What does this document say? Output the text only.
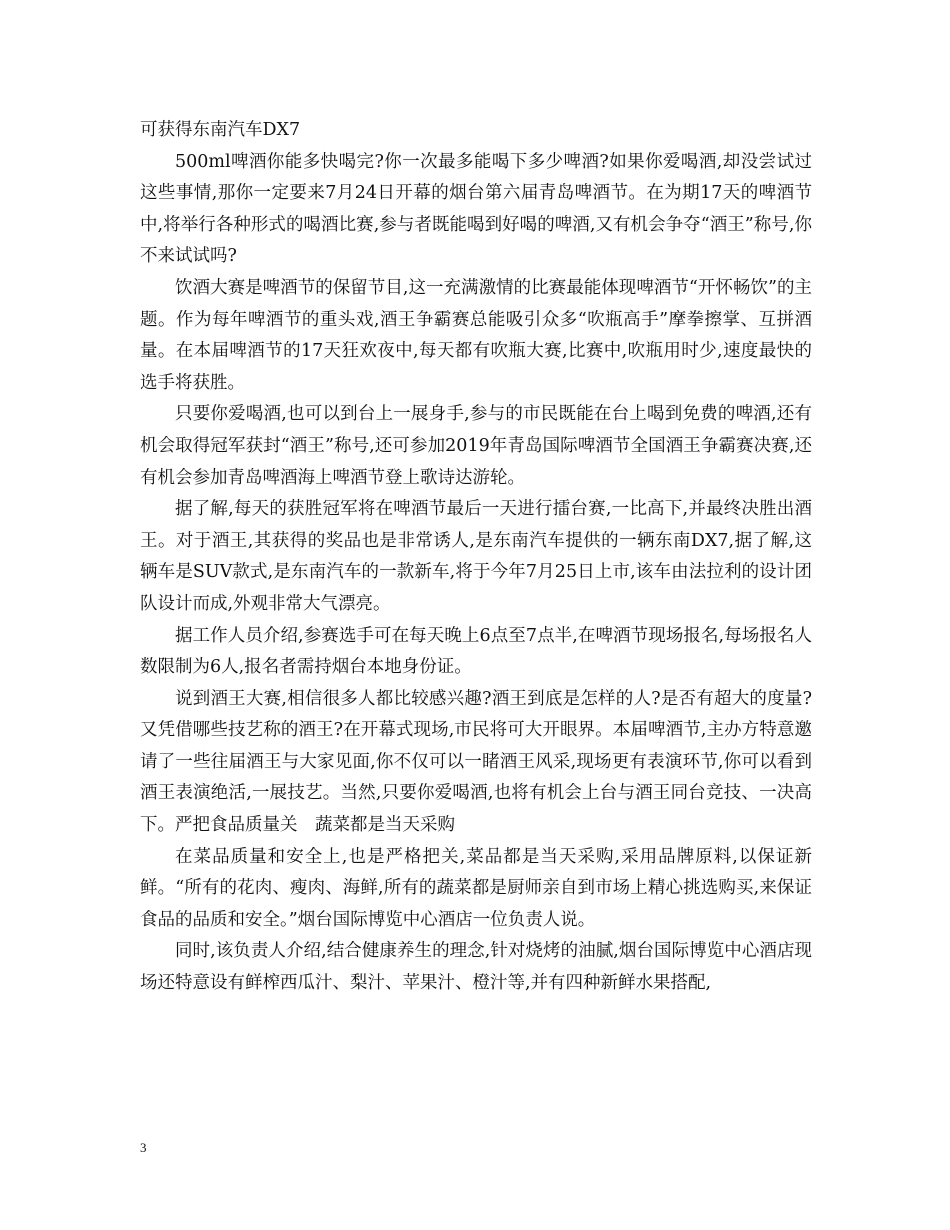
可获得东南汽车DX7

500ml啤酒你能多快喝完?你一次最多能喝下多少啤酒?如果你爱喝酒,却没尝试过这些事情,那你一定要来7月24日开幕的烟台第六届青岛啤酒节。在为期17天的啤酒节中,将举行各种形式的喝酒比赛,参与者既能喝到好喝的啤酒,又有机会争夺“酒王”称号,你不来试试吗?

饮酒大赛是啤酒节的保留节目,这一充满激情的比赛最能体现啤酒节“开怀畅饮”的主题。作为每年啤酒节的重头戏,酒王争霸赛总能吸引众多“吹瓶高手”摩拳擦掌、互拼酒量。在本届啤酒节的17天狂欢夜中,每天都有吹瓶大赛,比赛中,吹瓶用时少,速度最快的选手将获胜。

只要你爱喝酒,也可以到台上一展身手,参与的市民既能在台上喝到免费的啤酒,还有机会取得冠军获封“酒王”称号,还可参加2019年青岛国际啤酒节全国酒王争霸赛决赛,还有机会参加青岛啤酒海上啤酒节登上歌诗达游轮。

据了解,每天的获胜冠军将在啤酒节最后一天进行擂台赛,一比高下,并最终决胜出酒王。对于酒王,其获得的奖品也是非常诱人,是东南汽车提供的一辆东南DX7,据了解,这辆车是SUV款式,是东南汽车的一款新车,将于今年7月25日上市,该车由法拉利的设计团队设计而成,外观非常大气漂亮。

据工作人员介绍,参赛选手可在每天晚上6点至7点半,在啤酒节现场报名,每场报名人数限制为6人,报名者需持烟台本地身份证。

说到酒王大赛,相信很多人都比较感兴趣?酒王到底是怎样的人?是否有超大的度量?又凭借哪些技艺称的酒王?在开幕式现场,市民将可大开眼界。本届啤酒节,主办方特意邀请了一些往届酒王与大家见面,你不仅可以一睹酒王风采,现场更有表演环节,你可以看到酒王表演绝活,一展技艺。当然,只要你爱喝酒,也将有机会上台与酒王同台竞技、一决高下。严把食品质量关　蔬菜都是当天采购

在菜品质量和安全上,也是严格把关,菜品都是当天采购,采用品牌原料,以保证新鲜。“所有的花肉、瘦肉、海鲜,所有的蔬菜都是厨师亲自到市场上精心挑选购买,来保证食品的品质和安全。”烟台国际博览中心酒店一位负责人说。

同时,该负责人介绍,结合健康养生的理念,针对烧烤的油腻,烟台国际博览中心酒店现场还特意设有鲜榨西瓜汁、梨汁、苹果汁、橙汁等,并有四种新鲜水果搭配,

3
